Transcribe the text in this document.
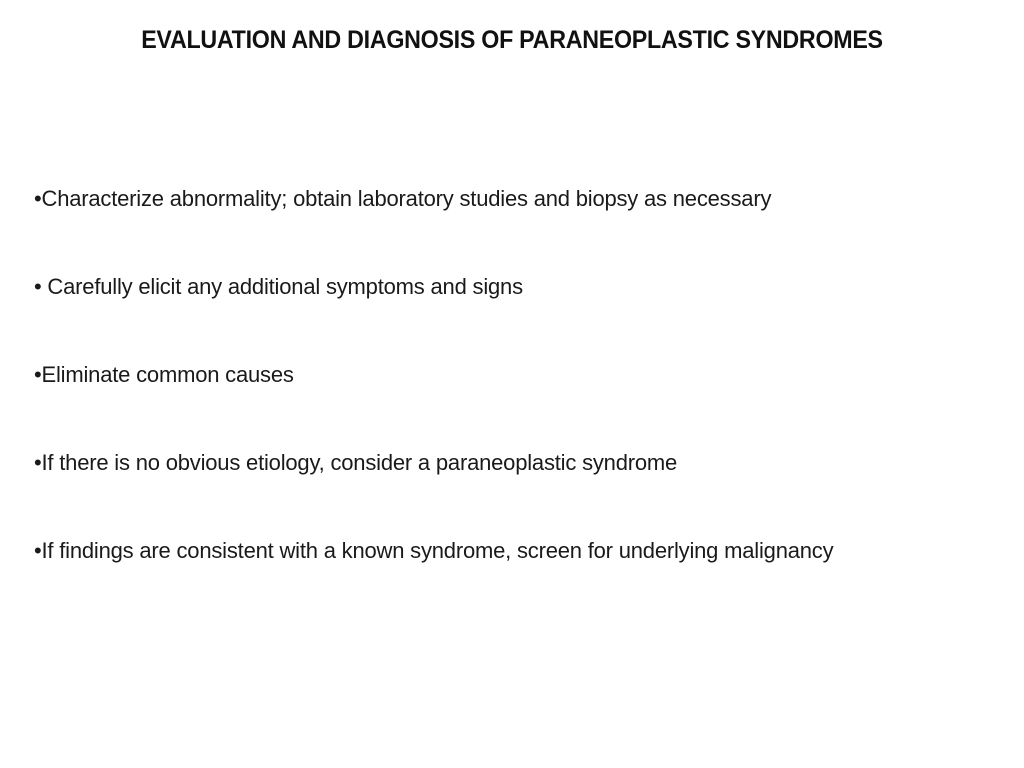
EVALUATION AND DIAGNOSIS OF PARANEOPLASTIC SYNDROMES
•Characterize abnormality; obtain laboratory studies and biopsy as necessary
• Carefully elicit any additional symptoms and signs
•Eliminate common causes
•If there is no obvious etiology, consider a paraneoplastic syndrome
•If findings are consistent with a known syndrome, screen for underlying malignancy
